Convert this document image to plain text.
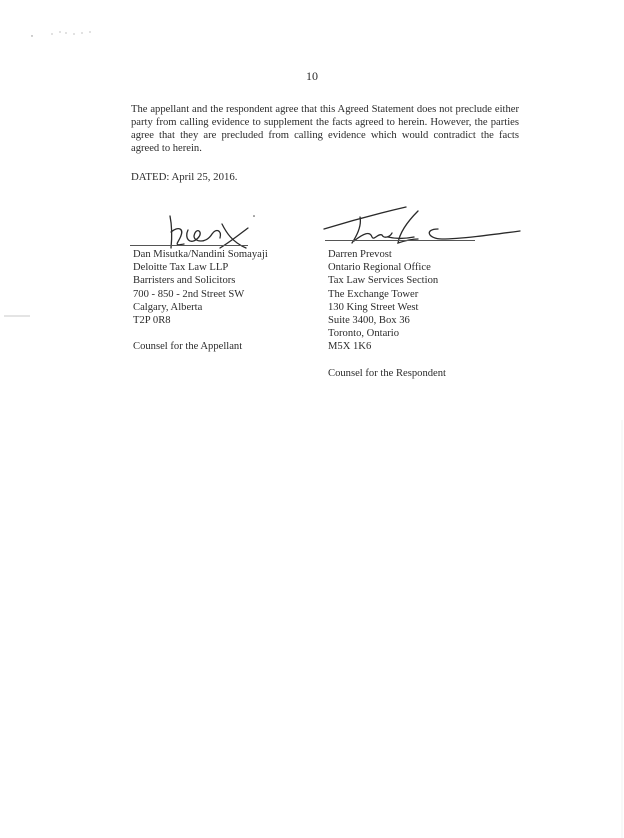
10

The appellant and the respondent agree that this Agreed Statement does not preclude either party from calling evidence to supplement the facts agreed to herein. However, the parties agree that they are precluded from calling evidence which would contradict the facts agreed to herein.

DATED: April 25, 2016.
Dan Misutka/Nandini Somayaji
Deloitte Tax Law LLP
Barristers and Solicitors
700 - 850 - 2nd Street SW
Calgary, Alberta
T2P 0R8
Counsel for the Appellant
Darren Prevost
Ontario Regional Office
Tax Law Services Section
The Exchange Tower
130 King Street West
Suite 3400, Box 36
Toronto, Ontario
M5X 1K6
Counsel for the Respondent
